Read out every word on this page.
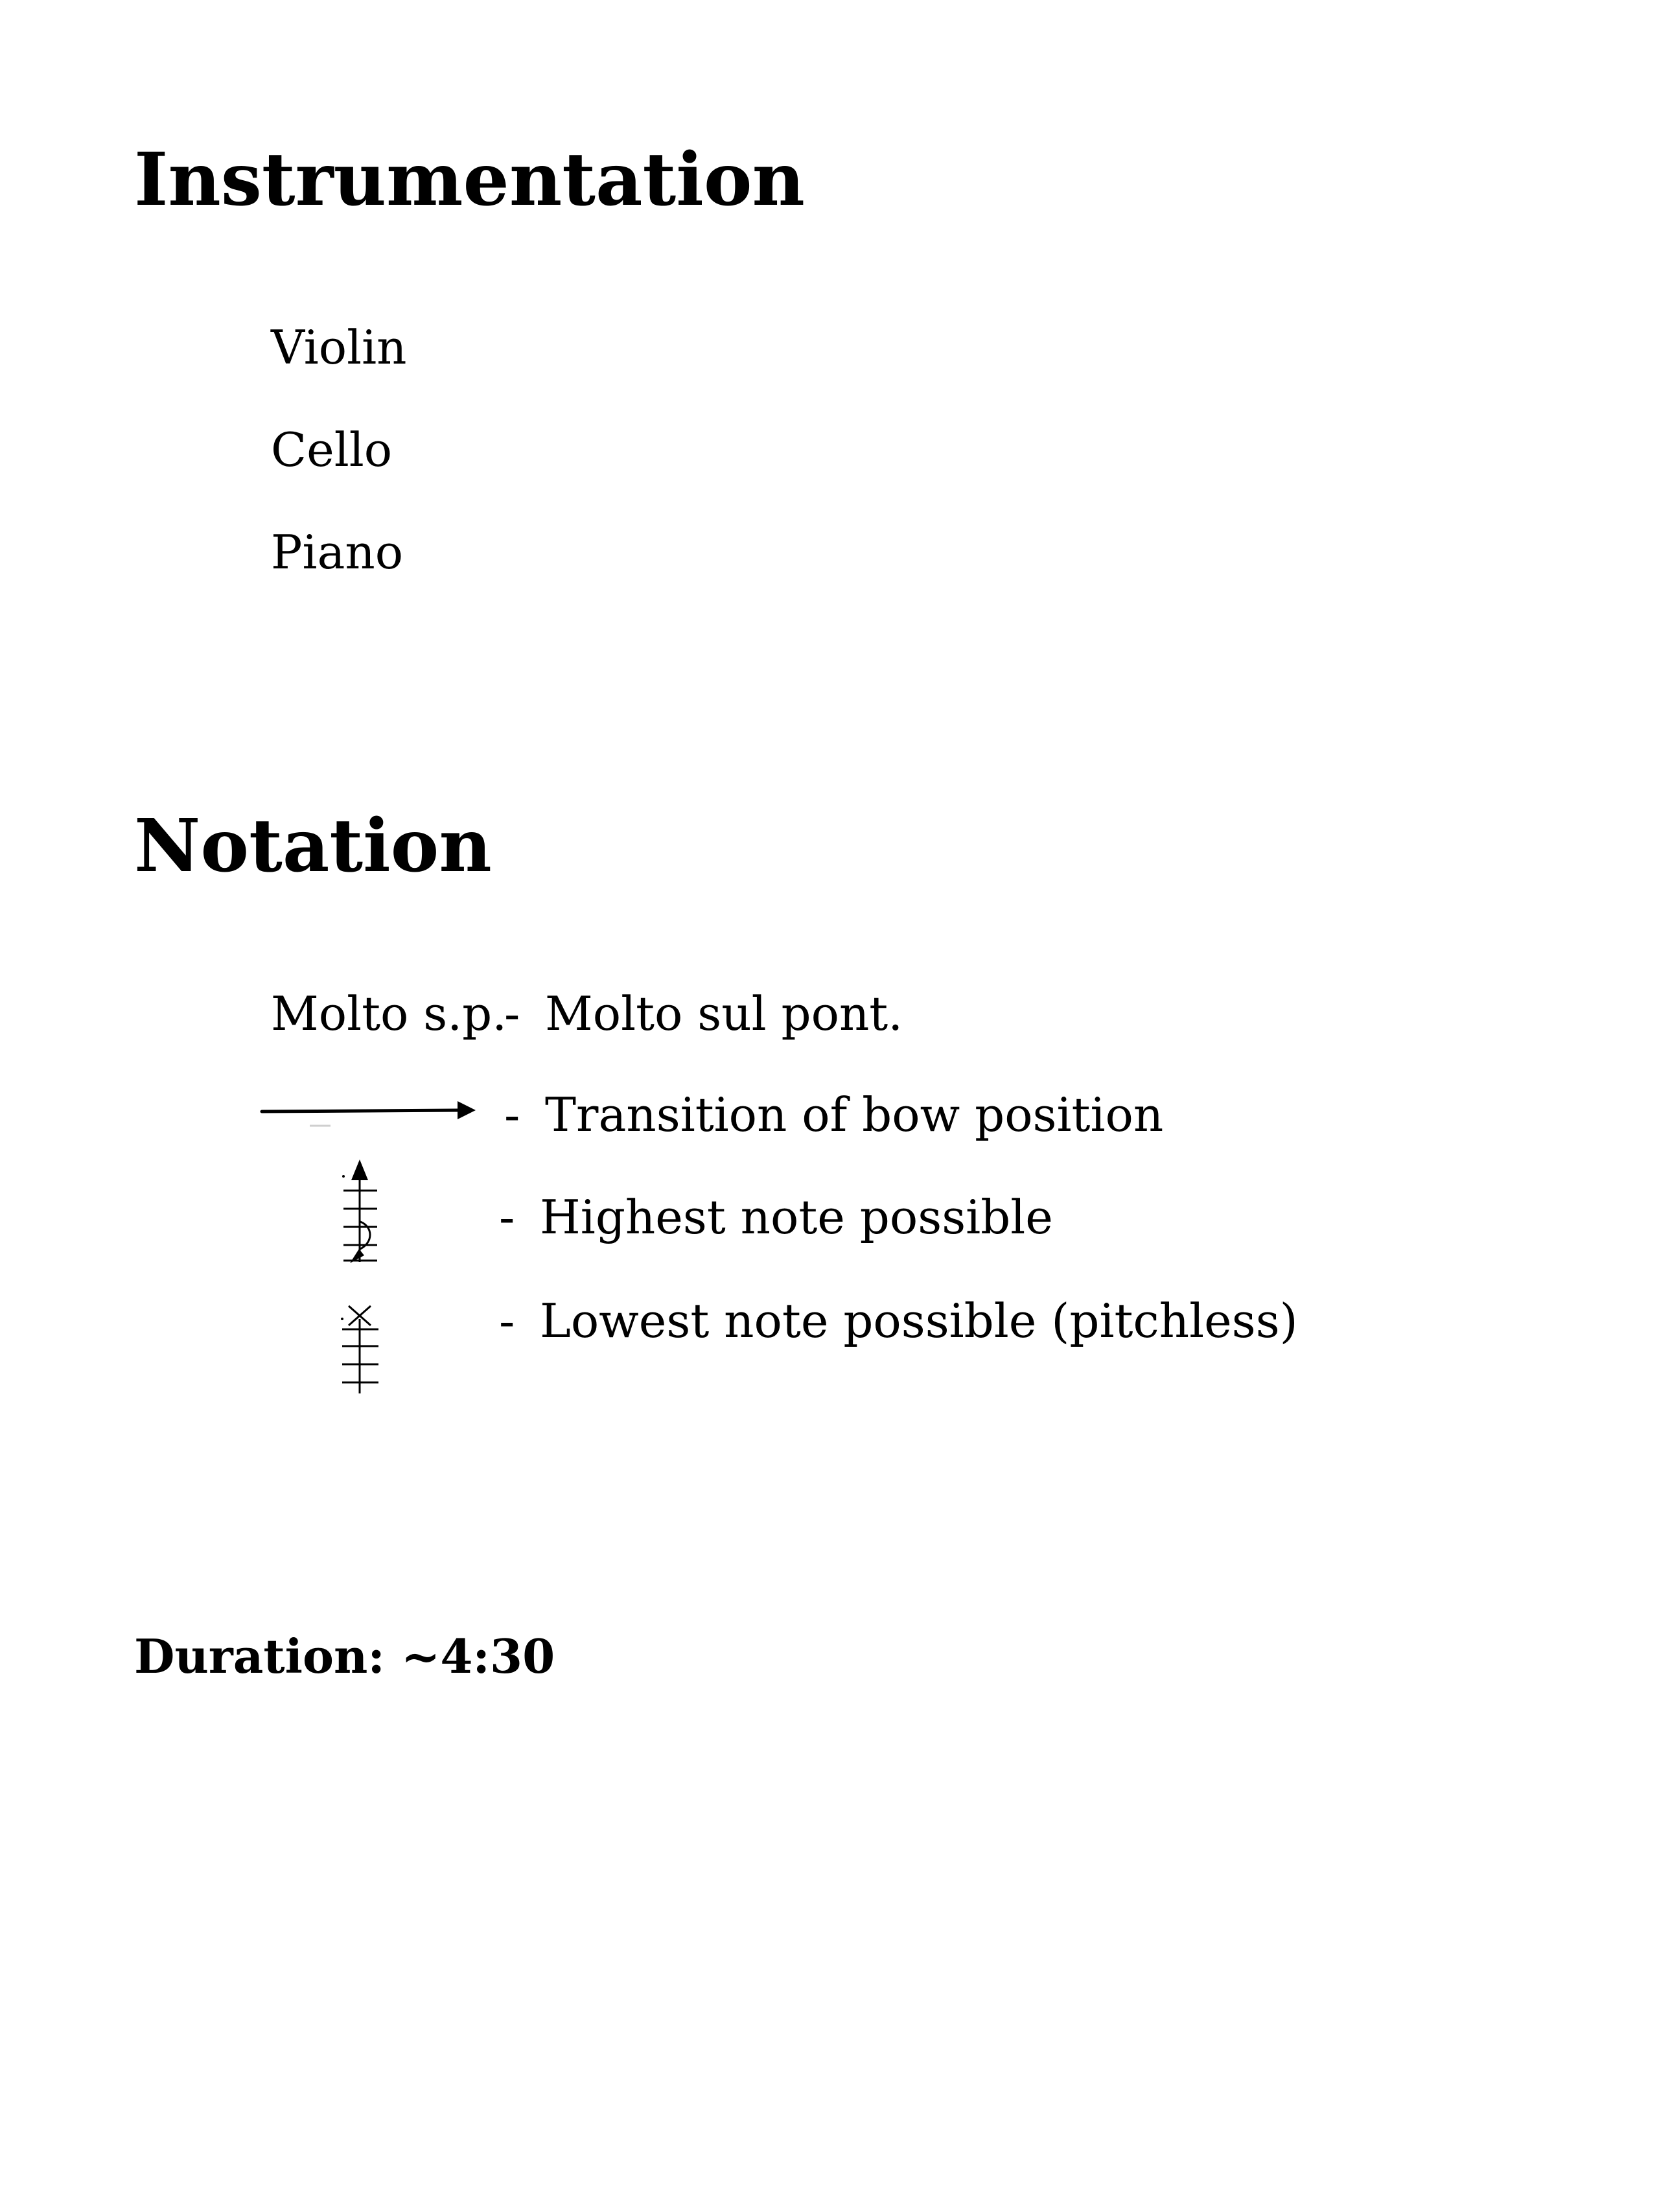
Instrumentation

Violin

Cello

Piano

Notation

Molto s.p.

- Molto sul pont.

- Transition of bow position

- Highest note possible

- Lowest note possible (pitchless)

Duration: ~4:30
